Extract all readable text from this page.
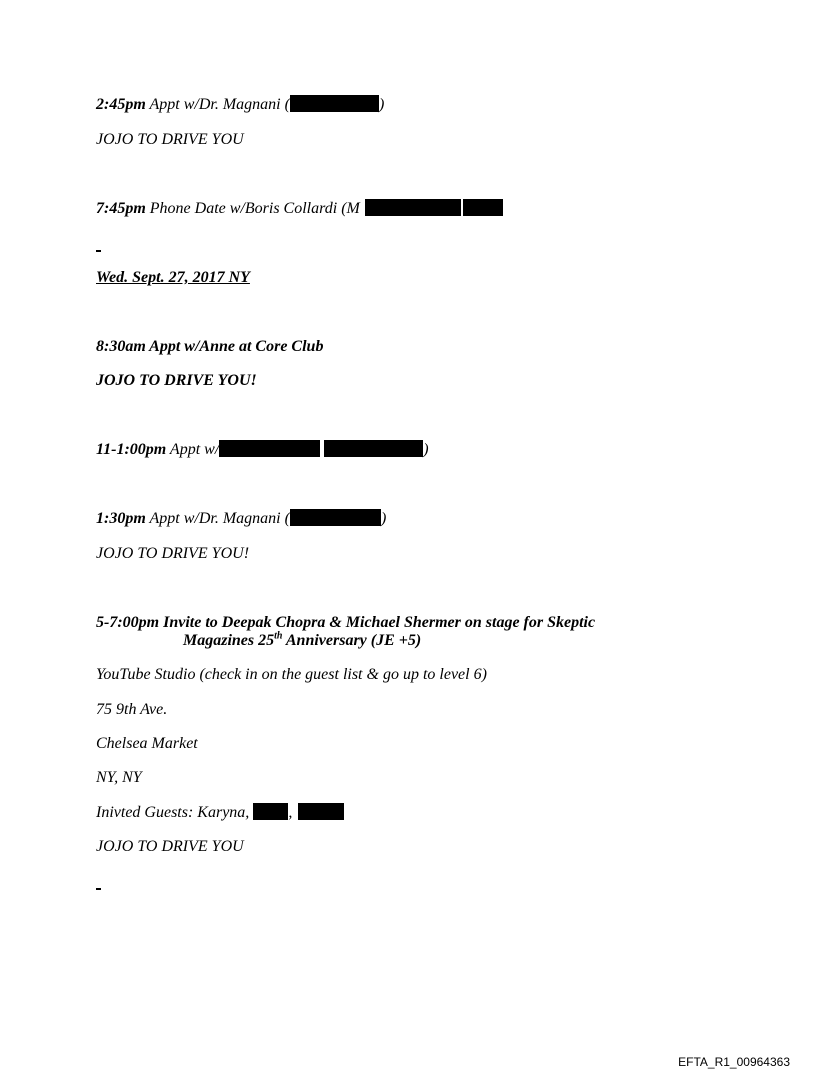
2:45pm Appt w/Dr. Magnani (	)
JOJO TO DRIVE YOU
7:45pm Phone Date w/Boris Collardi (M
Wed. Sept. 27, 2017 NY
8:30am Appt w/Anne at Core Club
JOJO TO DRIVE YOU!
11-1:00pm Appt w/	)
1:30pm Appt w/Dr. Magnani (	)
JOJO TO DRIVE YOU!
5-7:00pm Invite to Deepak Chopra & Michael Shermer on stage for Skeptic
Magazines 25th Anniversary (JE +5)
YouTube Studio (check in on the guest list & go up to level 6)
75 9th Ave.
Chelsea Market
NY, NY
Inivted Guests: Karyna, ,
JOJO TO DRIVE YOU
EFTA_R1_00964363
